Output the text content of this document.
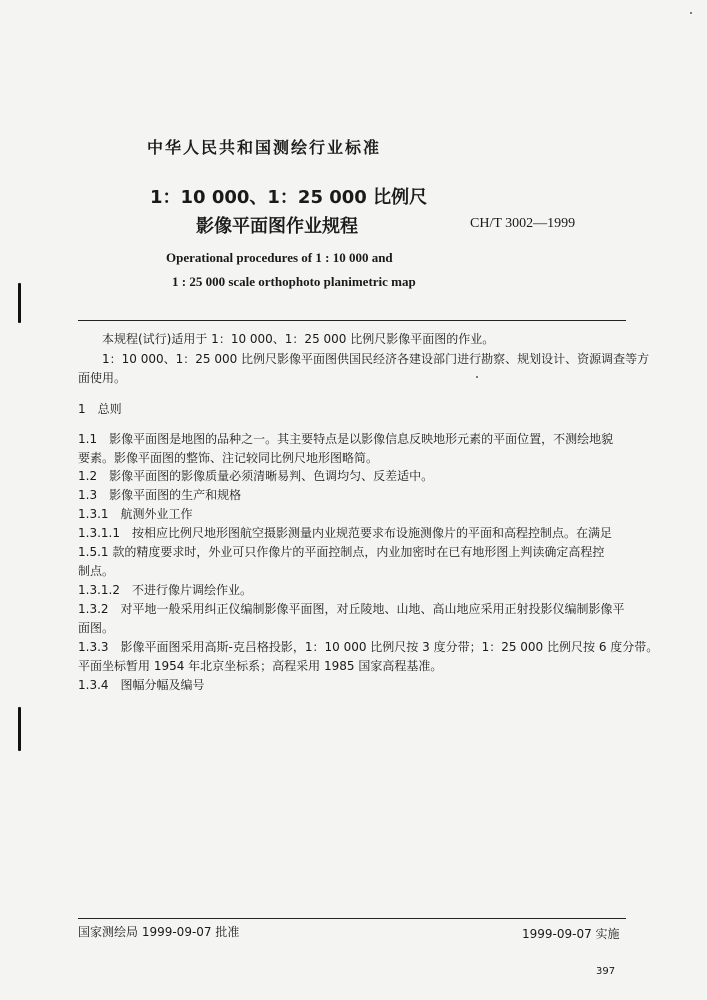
中华人民共和国测绘行业标准
1：10 000、1：25 000 比例尺
影像平面图作业规程	CH/T 3002—1999
Operational procedures of 1 : 10 000 and
1 : 25 000 scale orthophoto planimetric map
　　本规程(试行)适用于 1：10 000、1：25 000 比例尺影像平面图的作业。
　　1：10 000、1：25 000 比例尺影像平面图供国民经济各建设部门进行勘察、规划设计、资源调查等方
面使用。
1　总则
1.1　影像平面图是地图的品种之一。其主要特点是以影像信息反映地形元素的平面位置，不测绘地貌
要素。影像平面图的整饰、注记较同比例尺地形图略简。
1.2　影像平面图的影像质量必须清晰易判、色调均匀、反差适中。
1.3　影像平面图的生产和规格
1.3.1　航测外业工作
1.3.1.1　按相应比例尺地形图航空摄影测量内业规范要求布设施测像片的平面和高程控制点。在满足
1.5.1 款的精度要求时，外业可只作像片的平面控制点，内业加密时在已有地形图上判读确定高程控
制点。
1.3.1.2　不进行像片调绘作业。
1.3.2　对平地一般采用纠正仪编制影像平面图，对丘陵地、山地、高山地应采用正射投影仪编制影像平
面图。
1.3.3　影像平面图采用高斯-克吕格投影，1：10 000 比例尺按 3 度分带；1：25 000 比例尺按 6 度分带。
平面坐标暂用 1954 年北京坐标系；高程采用 1985 国家高程基准。
1.3.4　图幅分幅及编号
国家测绘局 1999-09-07 批准	1999-09-07 实施
397
